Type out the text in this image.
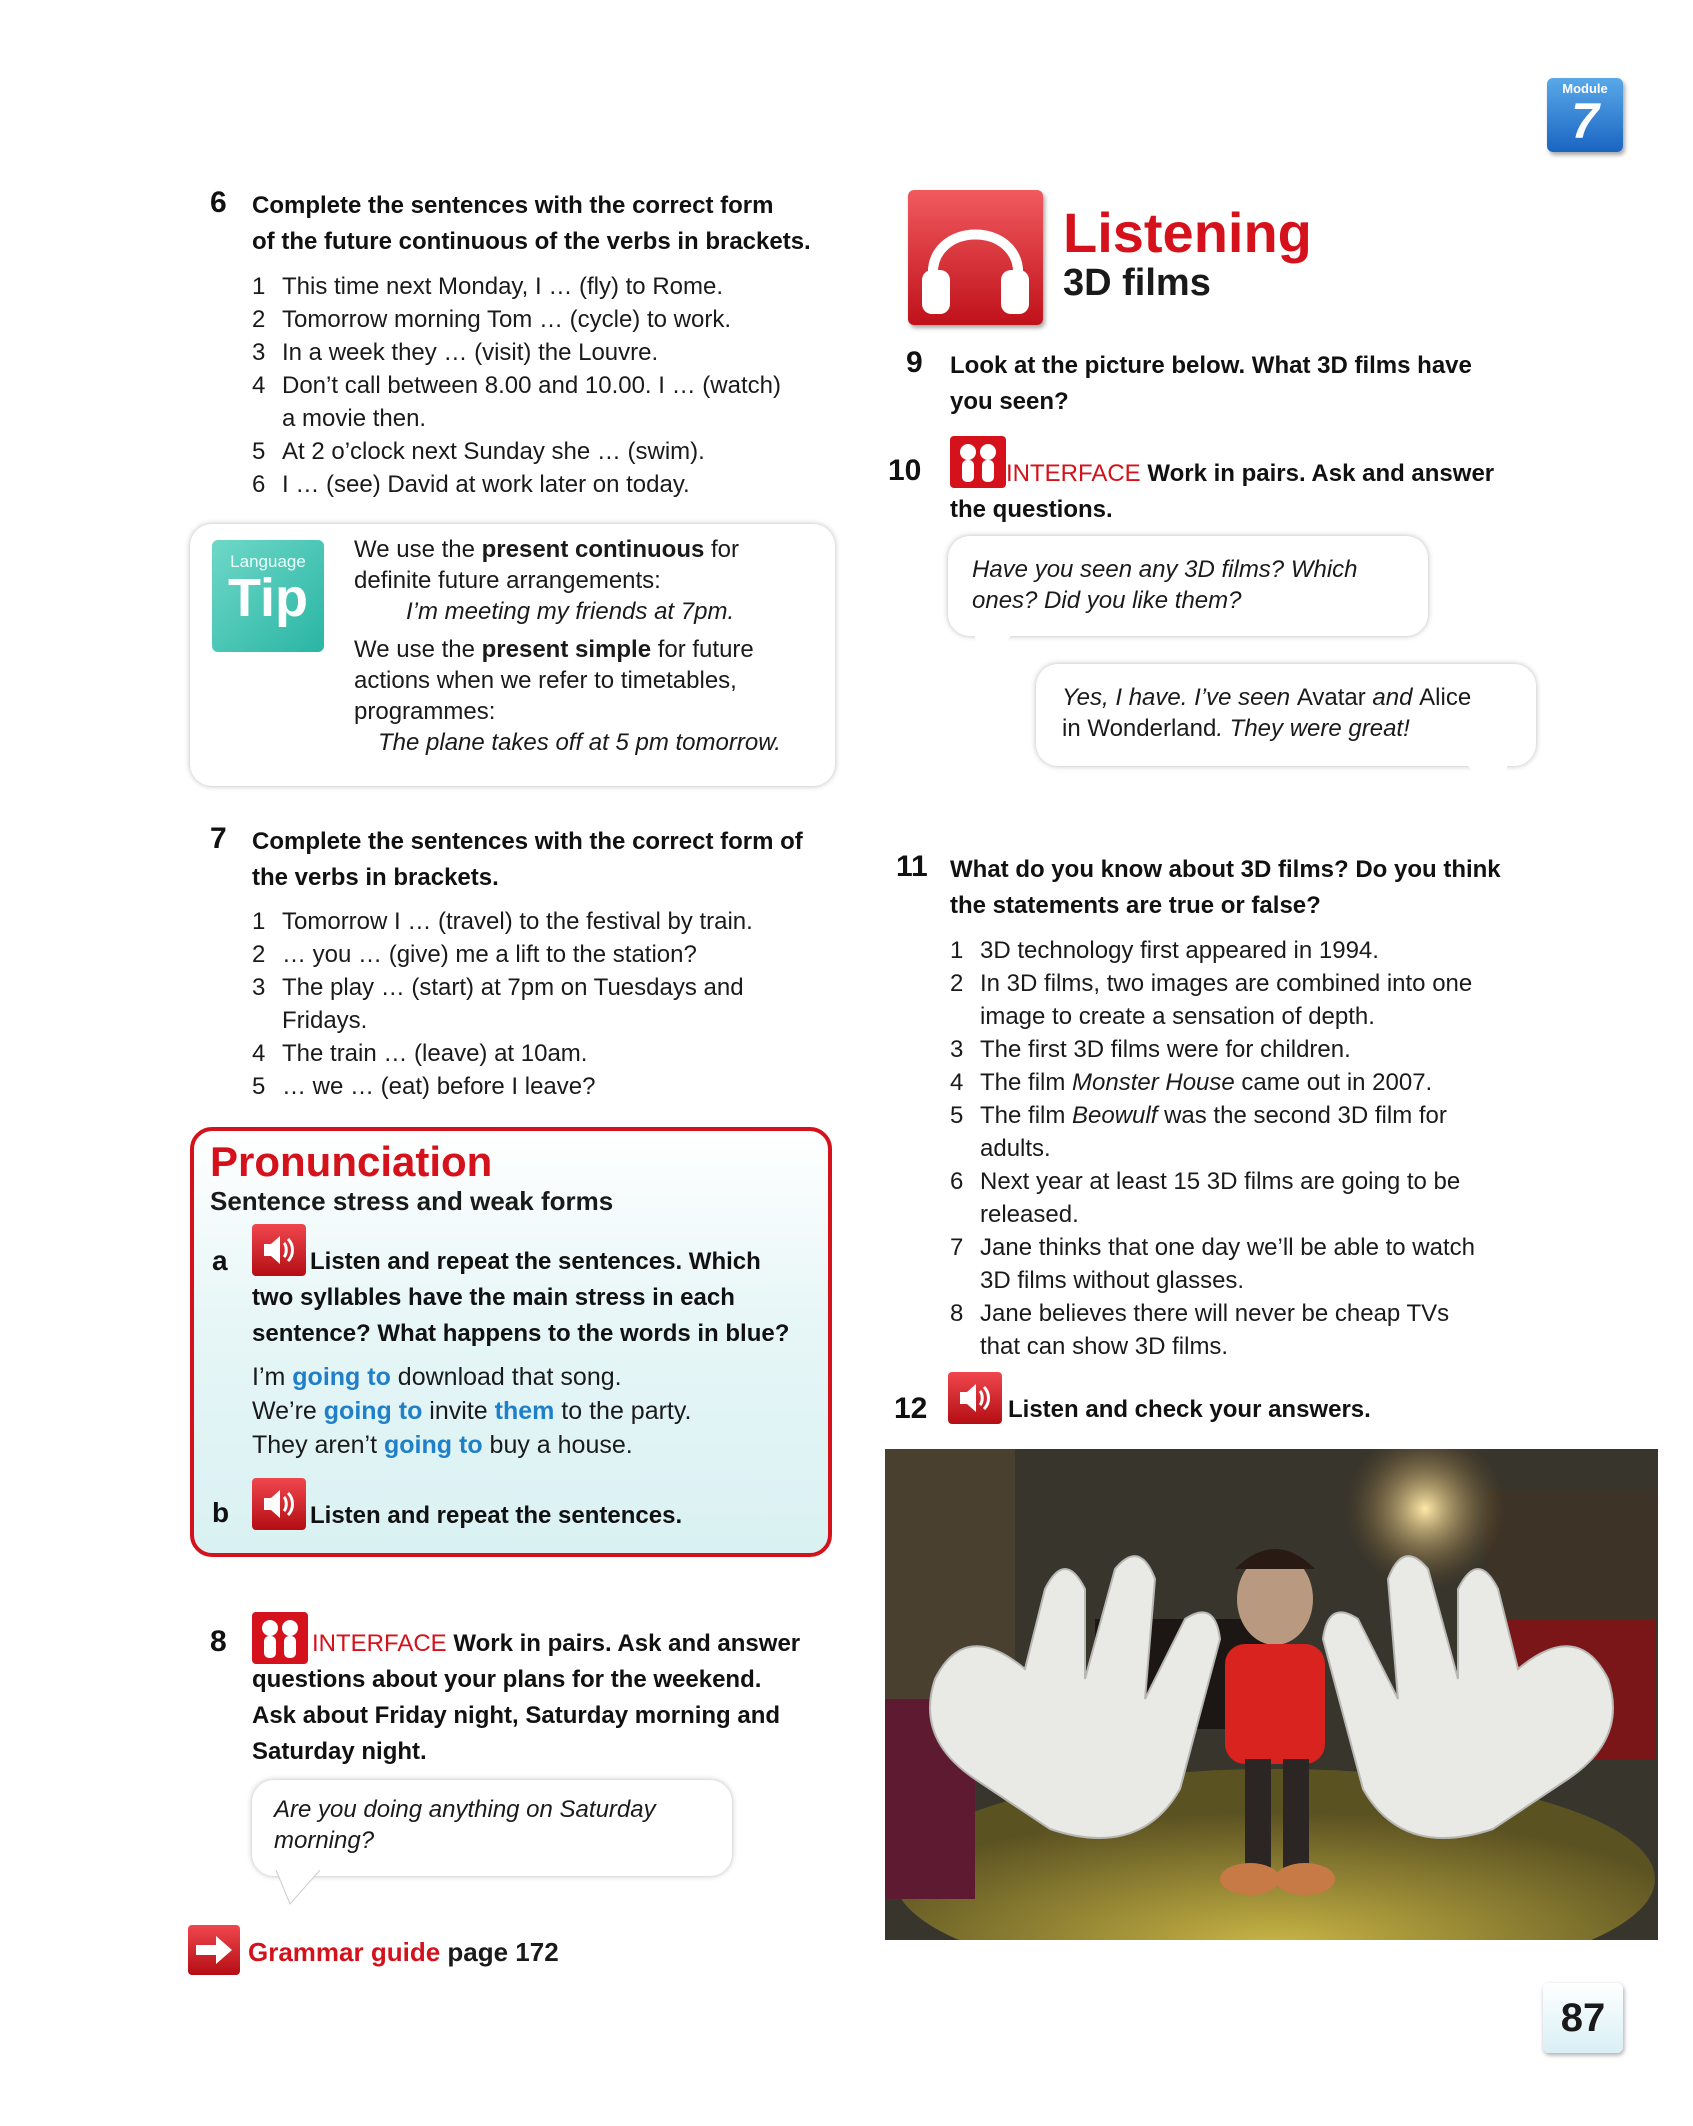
Module
7
6 Complete the sentences with the correct form
of the future continuous of the verbs in brackets.
1 This time next Monday, I … (fly) to Rome.
2 Tomorrow morning Tom … (cycle) to work.
3 In a week they … (visit) the Louvre.
4 Don’t call between 8.00 and 10.00. I … (watch)
a movie then.
5 At 2 o’clock next Sunday she … (swim).
6 I … (see) David at work later on today.
Language
Tip
We use the present continuous for
definite future arrangements:
I’m meeting my friends at 7pm.
We use the present simple for future
actions when we refer to timetables,
programmes:
The plane takes off at 5 pm tomorrow.
7 Complete the sentences with the correct form of
the verbs in brackets.
1 Tomorrow I … (travel) to the festival by train.
2 … you … (give) me a lift to the station?
3 The play … (start) at 7pm on Tuesdays and
Fridays.
4 The train … (leave) at 10am.
5 … we … (eat) before I leave?
Pronunciation
Sentence stress and weak forms
a	Listen and repeat the sentences. Which
two syllables have the main stress in each
sentence? What happens to the words in blue?
I’m going to download that song.
We’re going to invite them to the party.
They aren’t going to buy a house.
b	Listen and repeat the sentences.
8	INTERFACE Work in pairs. Ask and answer
questions about your plans for the weekend.
Ask about Friday night, Saturday morning and
Saturday night.
Are you doing anything on Saturday
morning?
Grammar guide page 172
Listening
3D films
9 Look at the picture below. What 3D films have
you seen?
10	INTERFACE Work in pairs. Ask and answer
the questions.
Have you seen any 3D films? Which
ones? Did you like them?
Yes, I have. I’ve seen Avatar and Alice
in Wonderland. They were great!
11 What do you know about 3D films? Do you think
the statements are true or false?
1 3D technology first appeared in 1994.
2 In 3D films, two images are combined into one
image to create a sensation of depth.
3 The first 3D films were for children.
4 The film Monster House came out in 2007.
5 The film Beowulf was the second 3D film for
adults.
6 Next year at least 15 3D films are going to be
released.
7 Jane thinks that one day we’ll be able to watch
3D films without glasses.
8 Jane believes there will never be cheap TVs
that can show 3D films.
12	Listen and check your answers.
87
